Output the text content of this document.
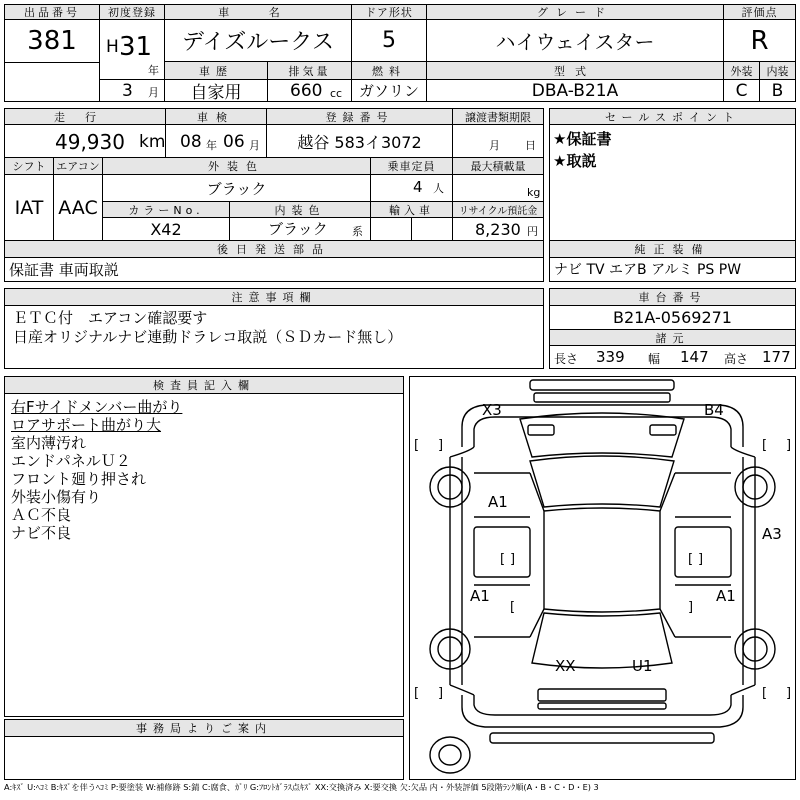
出品番号
381
初度登録
H 31
年
3 月
車 名
デイズルークス
ドア形状
5
グレード
ハイウェイスター
評価点
R
車歴
自家用
排気量
660 cc
燃料
ガソリン
型式
DBA-B21A
外装	内装
C	B
走行
49,930 km
車検
08 年 06 月
登録番号
越谷 583イ3072
譲渡書類期限
月 日
セールスポイント
★保証書
★取説
シフト
IAT
エアコン
AAC
外装色
ブラック
乗車定員
4 人
最大積載量
kg
カラーNo.
X42
内装色
ブラック 系
輸入車	リサイクル預託金
8,230 円
後日発送部品
保証書 車両取説
純正装備
ナビ TV エアB アルミ PS PW
注意事項欄
ＥＴＣ付　エアコン確認要す
日産オリジナルナビ連動ドラレコ取説（ＳＤカード無し）
車台番号
B21A-0569271
諸元
長さ 339 幅 147 高さ 177
検査員記入欄
右Fサイドメンバー曲がり
ロアサポート曲がり大
室内薄汚れ
エンドパネルＵ２
フロント廻り押され
外装小傷有り
ＡＣ不良
ナビ不良
事務局よりご案内
[ ]	[ ]
[ ]	[ ]
[ ]	[ ]
[	]
X3	B4
A1
A3
A1	A1
XX	U1
A:ｷｽﾞ U:ﾍｺﾐ B:ｷｽﾞを伴うﾍｺﾐ P:要塗装 W:補修跡 S:錆 C:腐食、ｶﾞﾘ G:ﾌﾛﾝﾄｶﾞﾗｽ点ｷｽﾞ XX:交換済み X:要交換 欠:欠品 内・外装評価 5段階ﾗﾝｸ順(A・B・C・D・E) 3
